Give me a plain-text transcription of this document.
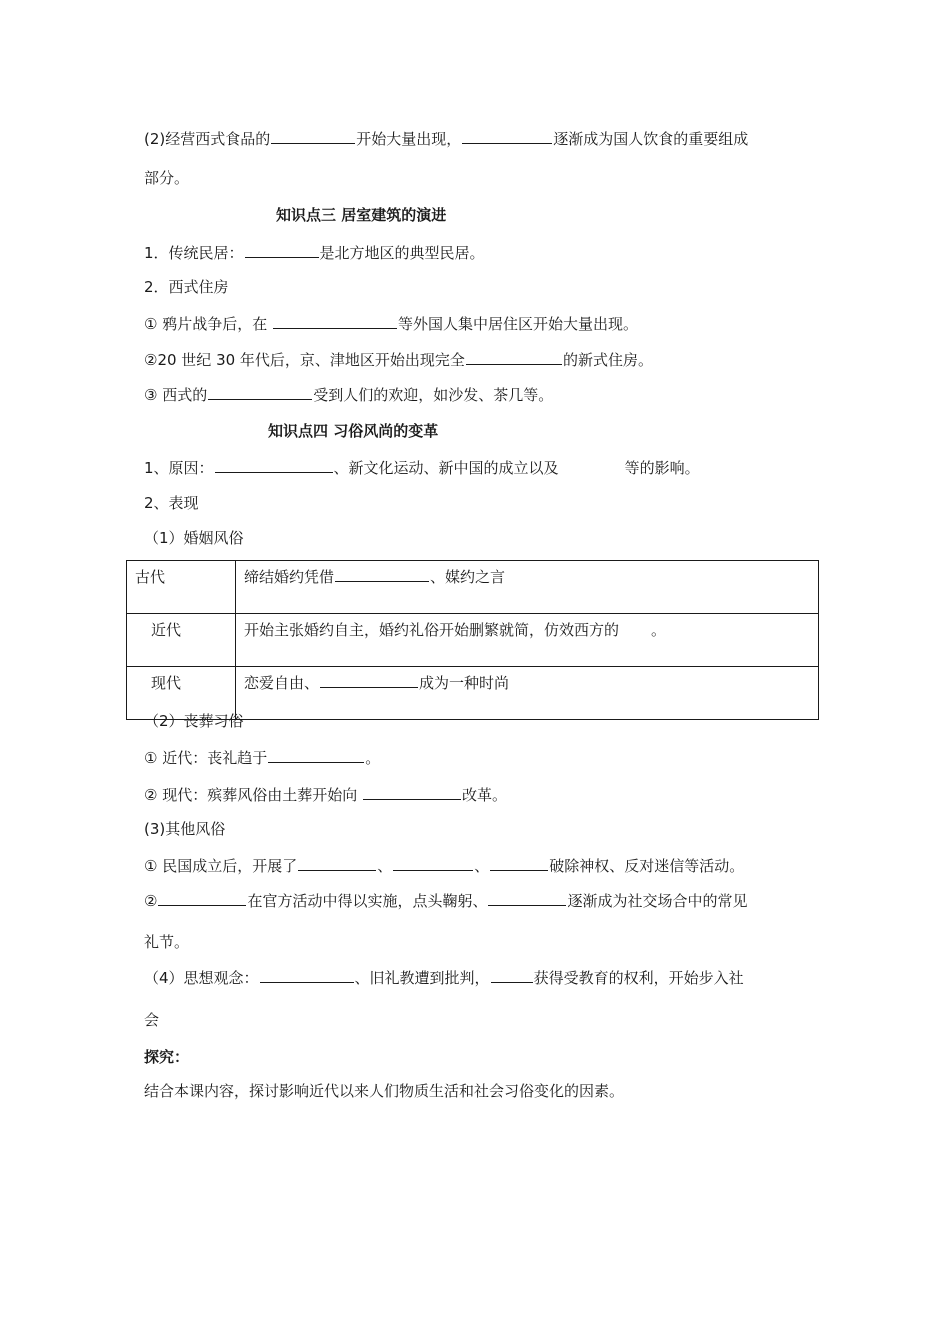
(2)经营西式食品的	开始大量出现，	逐渐成为国人饮食的重要组成
部分。
知识点三 居室建筑的演进
1．传统民居：	是北方地区的典型民居。
2．西式住房
① 鸦片战争后，在	等外国人集中居住区开始大量出现。
②20 世纪 30 年代后，京、津地区开始出现完全	的新式住房。
③ 西式的	受到人们的欢迎，如沙发、茶几等。
知识点四 习俗风尚的变革
1、原因：	、新文化运动、新中国的成立以及	等的影响。
2、表现
（1）婚姻风俗
古代	缔结婚约凭借 、媒约之言
近代	开始主张婚约自主，婚约礼俗开始删繁就简，仿效西方的 。
现代	恋爱自由、 成为一种时尚
（2）丧葬习俗
① 近代：丧礼趋于	。
② 现代：殡葬风俗由土葬开始向	改革。
(3)其他风俗
① 民国成立后，开展了	、	、	破除神权、反对迷信等活动。
②	在官方活动中得以实施，点头鞠躬、	逐渐成为社交场合中的常见
礼节。
（4）思想观念：	、旧礼教遭到批判，	获得受教育的权利，开始步入社
会
探究：
结合本课内容，探讨影响近代以来人们物质生活和社会习俗变化的因素。
